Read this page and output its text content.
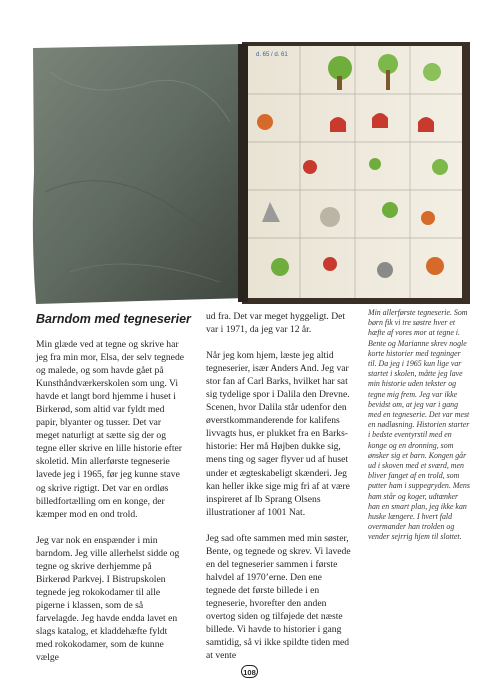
d. 65 / d. 61
Barndom med tegneserier

Min glæde ved at tegne og skrive har jeg fra min mor, Elsa, der selv tegnede og malede, og som havde gået på Kunsthåndværkerskolen som ung. Vi havde et langt bord hjemme i huset i Birkerød, som altid var fyldt med papir, blyanter og tusser. Det var meget naturligt at sætte sig der og tegne eller skrive en lille historie efter skoletid. Min allerførste tegneserie lavede jeg i 1965, før jeg kunne stave og skrive rigtigt. Det var en ordløs billedfortælling om en konge, der kæmper mod en ond trold.

Jeg var nok en enspænder i min barndom. Jeg ville allerhelst sidde og tegne og skrive derhjemme på Birkerød Parkvej. I Bistrupskolen tegnede jeg rokokodamer til alle pigerne i klassen, som de så farvelagde. Jeg havde endda lavet en slags katalog, et kladdehæfte fyldt med rokokodamer, som de kunne vælge

ud fra. Det var meget hyggeligt. Det var i 1971, da jeg var 12 år.

Når jeg kom hjem, læste jeg altid tegneserier, især Anders And. Jeg var stor fan af Carl Barks, hvilket har sat sig tydelige spor i Dalila den Drevne. Scenen, hvor Dalila står udenfor den øverstkommanderende for kalifens livvagts hus, er plukket fra en Barks-historie: Her må Højben dukke sig, mens ting og sager flyver ud af huset under et ægteskabeligt skænderi. Jeg kan heller ikke sige mig fri af at være inspireret af Ib Sprang Olsens illustrationer af 1001 Nat.

Jeg sad ofte sammen med min søster, Bente, og tegnede og skrev. Vi lavede en del tegneserier sammen i første halvdel af 1970’erne. Den ene tegnede det første billede i en tegneserie, hvorefter den anden overtog siden og tilføjede det næste billede. Vi havde to historier i gang samtidig, så vi ikke spildte tiden med at vente

Min allerførste tegneserie. Som børn fik vi tre søstre hver et hæfte af vores mor at tegne i. Bente og Marianne skrev nogle korte historier med tegninger til. Da jeg i 1965 kun lige var startet i skolen, måtte jeg lave min historie uden tekster og tegne mig frem. Jeg var ikke bevidst om, at jeg var i gang med en tegneserie. Det var mest en nødløsning. Historien starter i bedste eventyrstil med en konge og en dronning, som ønsker sig et barn. Kongen går ud i skoven med et sværd, men bliver fanget af en trold, som putter ham i suppegryden. Mens ham står og koger, udtænker han en smart plan, jeg ikke kan huske længere. I hvert fald overmander han trolden og vender sejrrig hjem til slottet.

108
